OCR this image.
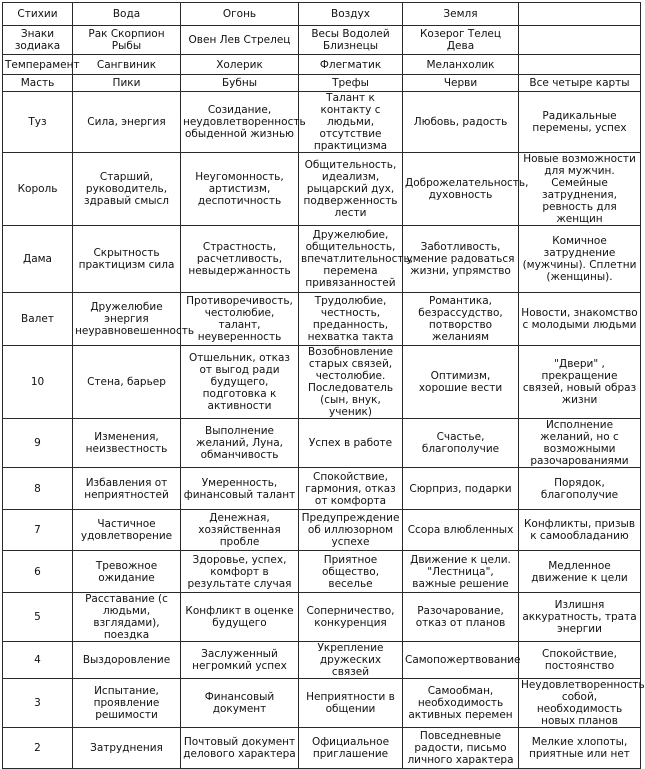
Стихии	Вода	Огонь	Воздух	Земля	
Знаки зодиака	Рак Скорпион Рыбы	Овен Лев Стрелец	Весы Водолей Близнецы	Козерог Телец Дева	
Темперамент	Сангвиник	Холерик	Флегматик	Меланхолик	
Масть	Пики	Бубны	Трефы	Черви	Все четыре карты
Туз	Сила, энергия	Созидание, неудовлетворенность обыденной жизнью	Талант к контакту с людьми, отсутствие практицизма	Любовь, радость	Радикальные перемены, успех
Король	Старший, руководитель, здравый смысл	Неугомонность, артистизм, деспотичность	Общительность, идеализм, рыцарский дух, подверженность лести	Доброжелательность, духовность	Новые возможности для мужчин. Семейные затруднения, ревность для женщин
Дама	Скрытность практицизм сила	Страстность, расчетливость, невыдержанность	Дружелюбие, общительность, впечатлительность, перемена привязанностей	Заботливость, умение радоваться жизни, упрямство	Комичное затруднение (мужчины). Сплетни (женщины).
Валет	Дружелюбие энергия неуравновешенность	Противоречивость, честолюбие, талант, неуверенность	Трудолюбие, честность, преданность, нехватка такта	Романтика, безрассудство, потворство желаниям	Новости, знакомство с молодыми людьми
10	Стена, барьер	Отшельник, отказ от выгод ради будущего, подготовка к активности	Возобновление старых связей, честолюбие. Последователь (сын, внук, ученик)	Оптимизм, хорошие вести	"Двери" , прекращение связей, новый образ жизни
9	Изменения, неизвестность	Выполнение желаний, Луна, обманчивость	Успех в работе	Счастье, благополучие	Исполнение желаний, но с возможными разочарованиями
8	Избавления от неприятностей	Умеренность, финансовый талант	Спокойствие, гармония, отказ от комфорта	Сюрприз, подарки	Порядок, благополучие
7	Частичное удовлетворение	Денежная, хозяйственная пробле	Предупреждение об иллюзорном успехе	Ссора влюбленных	Конфликты, призыв к самообладанию
6	Тревожное ожидание	Здоровье, успех, комфорт в результате случая	Приятное общество, веселье	Движение к цели. "Лестница", важные решение	Медленное движение к цели
5	Расставание (с людьми, взглядами), поездка	Конфликт в оценке будущего	Соперничество, конкуренция	Разочарование, отказ от планов	Излишня аккуратность, трата энергии
4	Выздоровление	Заслуженный негромкий успех	Укрепление дружеских связей	Самопожертвование	Спокойствие, постоянство
3	Испытание, проявление решимости	Финансовый документ	Неприятности в общении	Самообман, необходимость активных перемен	Неудовлетворенность собой, необходимость новых планов
2	Затруднения	Почтовый документ делового характера	Официальное приглашение	Повседневные радости, письмо личного характера	Мелкие хлопоты, приятные или нет
